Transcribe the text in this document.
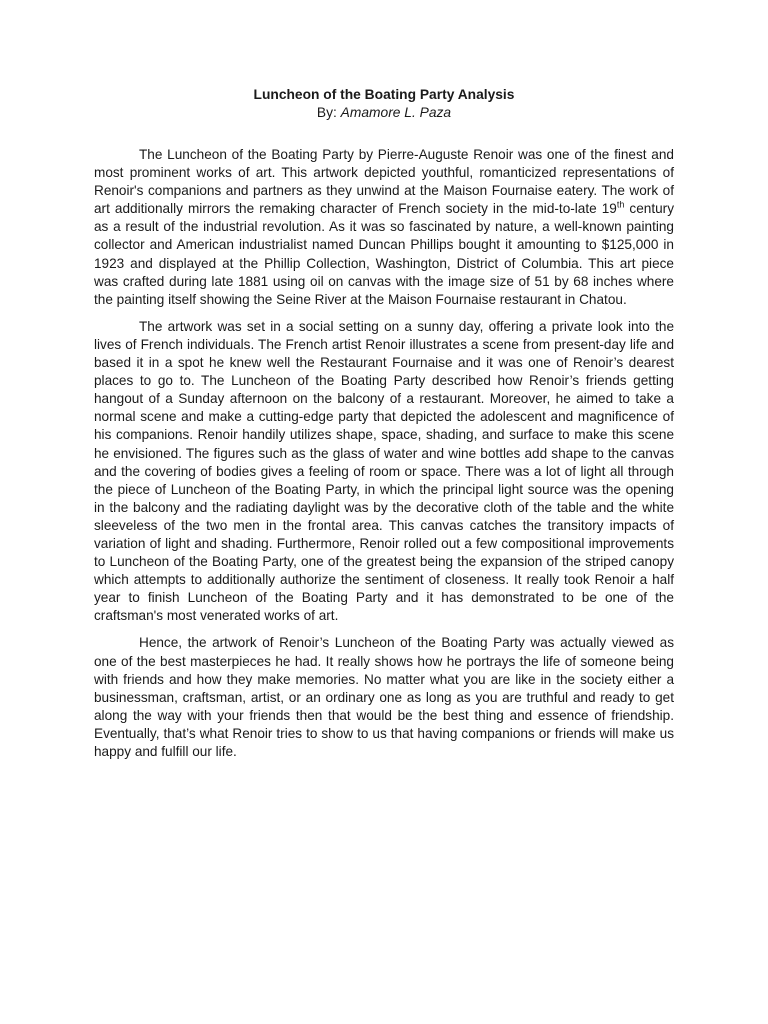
Luncheon of the Boating Party Analysis

By: Amamore L. Paza

The Luncheon of the Boating Party by Pierre-Auguste Renoir was one of the finest and most prominent works of art. This artwork depicted youthful, romanticized representations of Renoir's companions and partners as they unwind at the Maison Fournaise eatery. The work of art additionally mirrors the remaking character of French society in the mid-to-late 19th century as a result of the industrial revolution. As it was so fascinated by nature, a well-known painting collector and American industrialist named Duncan Phillips bought it amounting to $125,000 in 1923 and displayed at the Phillip Collection, Washington, District of Columbia. This art piece was crafted during late 1881 using oil on canvas with the image size of 51 by 68 inches where the painting itself showing the Seine River at the Maison Fournaise restaurant in Chatou.

The artwork was set in a social setting on a sunny day, offering a private look into the lives of French individuals. The French artist Renoir illustrates a scene from present-day life and based it in a spot he knew well the Restaurant Fournaise and it was one of Renoir’s dearest places to go to. The Luncheon of the Boating Party described how Renoir’s friends getting hangout of a Sunday afternoon on the balcony of a restaurant. Moreover, he aimed to take a normal scene and make a cutting-edge party that depicted the adolescent and magnificence of his companions. Renoir handily utilizes shape, space, shading, and surface to make this scene he envisioned. The figures such as the glass of water and wine bottles add shape to the canvas and the covering of bodies gives a feeling of room or space. There was a lot of light all through the piece of Luncheon of the Boating Party, in which the principal light source was the opening in the balcony and the radiating daylight was by the decorative cloth of the table and the white sleeveless of the two men in the frontal area. This canvas catches the transitory impacts of variation of light and shading. Furthermore, Renoir rolled out a few compositional improvements to Luncheon of the Boating Party, one of the greatest being the expansion of the striped canopy which attempts to additionally authorize the sentiment of closeness. It really took Renoir a half year to finish Luncheon of the Boating Party and it has demonstrated to be one of the craftsman's most venerated works of art.

Hence, the artwork of Renoir’s Luncheon of the Boating Party was actually viewed as one of the best masterpieces he had. It really shows how he portrays the life of someone being with friends and how they make memories. No matter what you are like in the society either a businessman, craftsman, artist, or an ordinary one as long as you are truthful and ready to get along the way with your friends then that would be the best thing and essence of friendship. Eventually, that’s what Renoir tries to show to us that having companions or friends will make us happy and fulfill our life.
